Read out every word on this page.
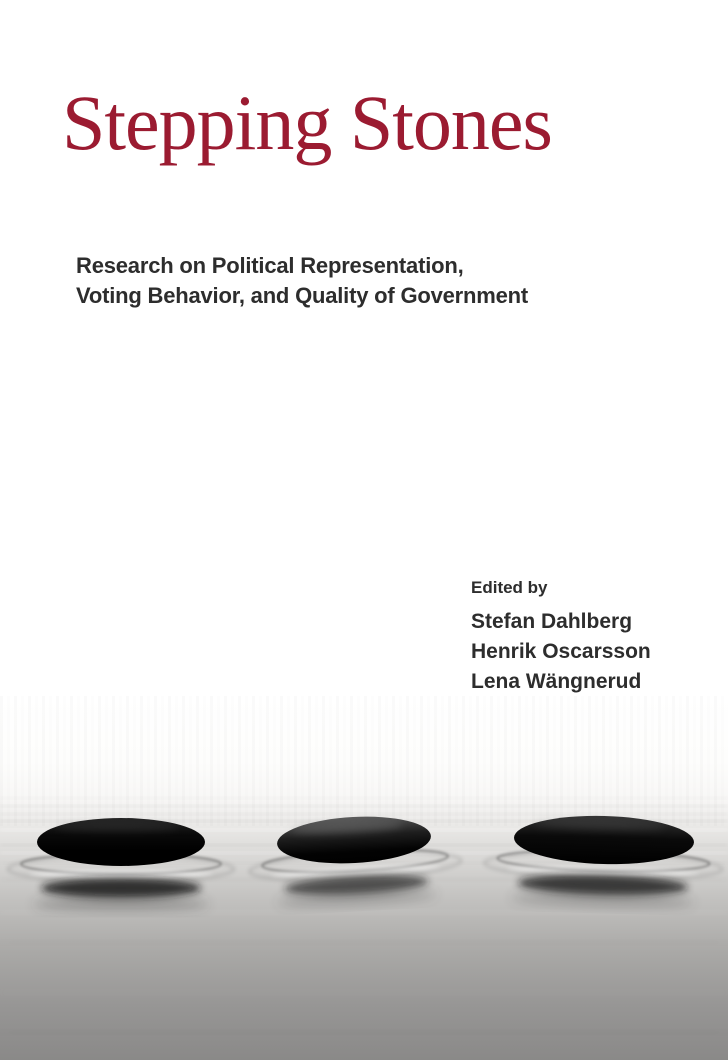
Stepping Stones
Research on Political Representation,
Voting Behavior, and Quality of Government
Edited by
Stefan Dahlberg
Henrik Oscarsson
Lena Wängnerud
